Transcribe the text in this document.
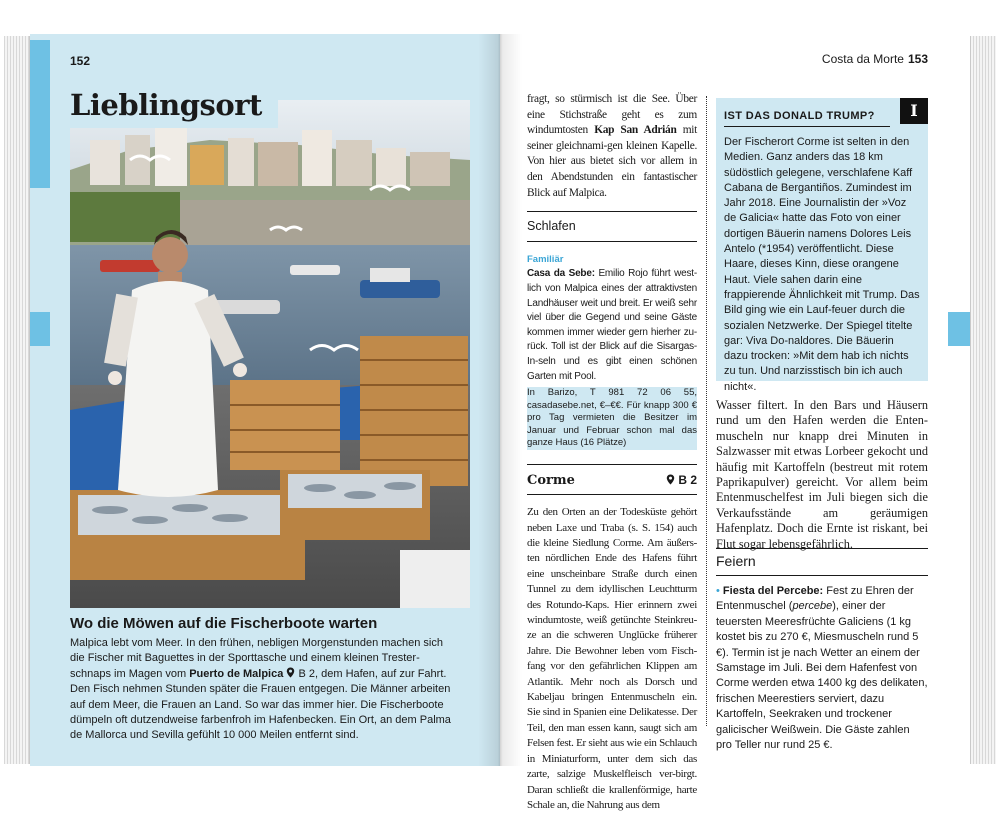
152
Lieblingsort
Wo die Möwen auf die Fischerboote warten
Malpica lebt vom Meer. In den frühen, nebligen Morgenstunden machen sich die Fischer mit Baguettes in der Sporttasche und einem kleinen Trester-schnaps im Magen vom Puerto de Malpica B 2, dem Hafen, auf zur Fahrt. Den Fisch nehmen Stunden später die Frauen entgegen. Die Männer arbeiten auf dem Meer, die Frauen an Land. So war das immer hier. Die Fischerboote dümpeln oft dutzendweise farbenfroh im Hafenbecken. Ein Ort, an dem Palma de Mallorca und Sevilla gefühlt 10 000 Meilen entfernt sind.
Costa da Morte 153

fragt, so stürmisch ist die See. Über eine Stichstraße geht es zum windumtosten Kap San Adrián mit seiner gleichnami-gen kleinen Kapelle. Von hier aus bietet sich vor allem in den Abendstunden ein fantastischer Blick auf Malpica.

Schlafen
Familiär

Casa da Sebe: Emilio Rojo führt west-lich von Malpica eines der attraktivsten Landhäuser weit und breit. Er weiß sehr viel über die Gegend und seine Gäste kommen immer wieder gern hierher zu-rück. Toll ist der Blick auf die Sisargas-In-seln und es gibt einen schönen Garten mit Pool.

In Barizo, T 981 72 06 55, casadasebe.net, €–€€. Für knapp 300 € pro Tag vermieten die Besitzer im Januar und Februar schon mal das ganze Haus (16 Plätze)

Corme	B 2

Zu den Orten an der Todesküste gehört neben Laxe und Traba (s. S. 154) auch die kleine Siedlung Corme. Am äußers-ten nördlichen Ende des Hafens führt eine unscheinbare Straße durch einen Tunnel zu dem idyllischen Leuchtturm des Rotundo-Kaps. Hier erinnern zwei windumtoste, weiß getünchte Steinkreu-ze an die schweren Unglücke früherer Jahre. Die Bewohner leben vom Fisch-fang vor den gefährlichen Klippen am Atlantik. Mehr noch als Dorsch und Kabeljau bringen Entenmuscheln ein. Sie sind in Spanien eine Delikatesse. Der Teil, den man essen kann, saugt sich am Felsen fest. Er sieht aus wie ein Schlauch in Miniaturform, unter dem sich das zarte, salzige Muskelfleisch ver-birgt. Daran schließt die krallenförmige, harte Schale an, die Nahrung aus dem

I
IST DAS DONALD TRUMP?

Der Fischerort Corme ist selten in den Medien. Ganz anders das 18 km südöstlich gelegene, verschlafene Kaff Cabana de Bergantiños. Zumindest im Jahr 2018. Eine Journalistin der »Voz de Galicia« hatte das Foto von einer dortigen Bäuerin namens Dolores Leis Antelo (*1954) veröffentlicht. Diese Haare, dieses Kinn, diese orangene Haut. Viele sahen darin eine frappierende Ähnlichkeit mit Trump. Das Bild ging wie ein Lauf-feuer durch die sozialen Netzwerke. Der Spiegel titelte gar: Viva Do-naldores. Die Bäuerin dazu trocken: »Mit dem hab ich nichts zu tun. Und narzisstisch bin ich auch nicht«.

Wasser filtert. In den Bars und Häusern rund um den Hafen werden die Enten-muscheln nur knapp drei Minuten in Salzwasser mit etwas Lorbeer gekocht und häufig mit Kartoffeln (bestreut mit rotem Paprikapulver) gereicht. Vor allem beim Entenmuschelfest im Juli biegen sich die Verkaufsstände am geräumigen Hafenplatz. Doch die Ernte ist riskant, bei Flut sogar lebensgefährlich.

Feiern

• Fiesta del Percebe: Fest zu Ehren der Entenmuschel (percebe), einer der teuersten Meeresfrüchte Galiciens (1 kg kostet bis zu 270 €, Miesmuscheln rund 5 €). Termin ist je nach Wetter an einem der Samstage im Juli. Bei dem Hafenfest von Corme werden etwa 1400 kg des delikaten, frischen Meerestiers serviert, dazu Kartoffeln, Seekraken und trockener galicischer Weißwein. Die Gäste zahlen pro Teller nur rund 25 €.
